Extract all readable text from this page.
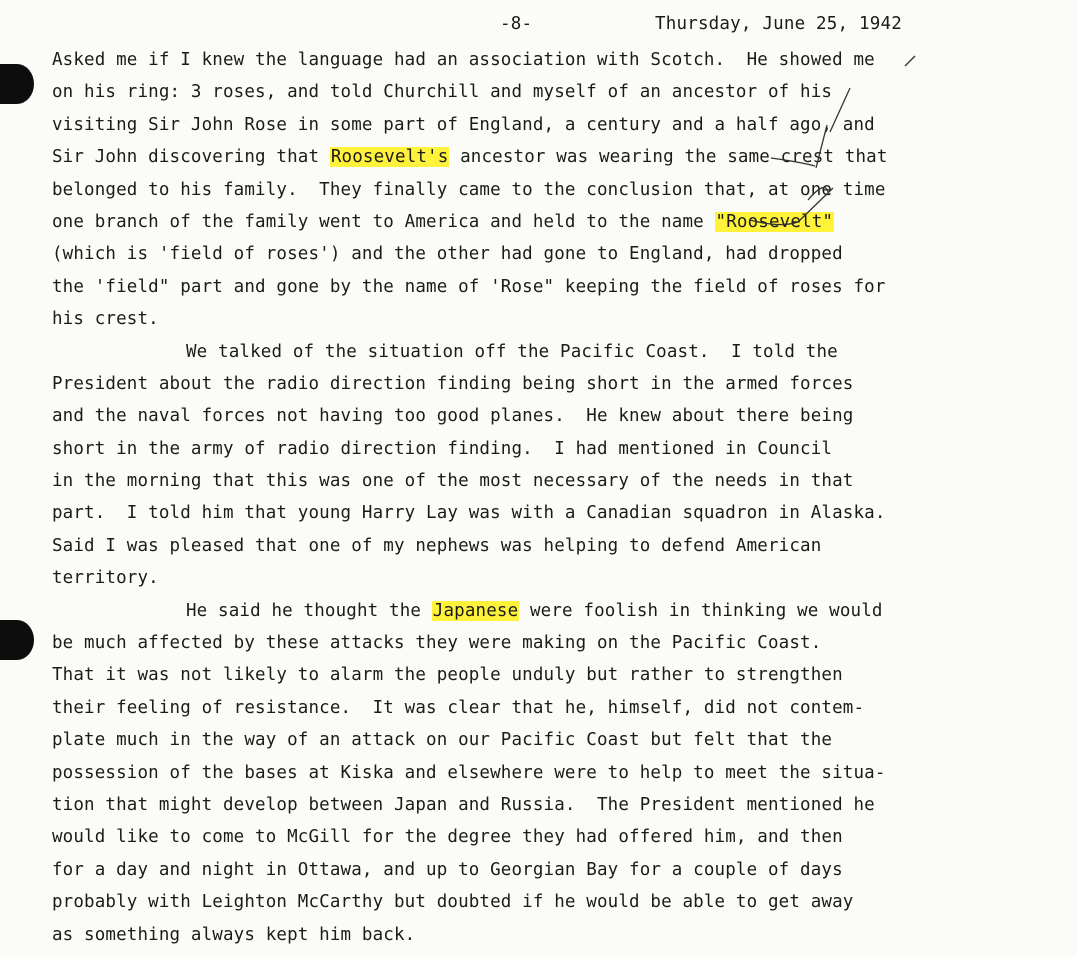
-8-	Thursday, June 25, 1942
Asked me if I knew the language had an association with Scotch.  He showed me
on his ring: 3 roses, and told Churchill and myself of an ancestor of his
visiting Sir John Rose in some part of England, a century and a half ago, and
Sir John discovering that Roosevelt's ancestor was wearing the same crest that
belonged to his family.  They finally came to the conclusion that, at one time
one branch of the family went to America and held to the name "Roosevelt"
(which is 'field of roses') and the other had gone to England, had dropped
the 'field" part and gone by the name of 'Rose" keeping the field of roses for
his crest.
We talked of the situation off the Pacific Coast.  I told the
President about the radio direction finding being short in the armed forces
and the naval forces not having too good planes.  He knew about there being
short in the army of radio direction finding.  I had mentioned in Council
in the morning that this was one of the most necessary of the needs in that
part.  I told him that young Harry Lay was with a Canadian squadron in Alaska.
Said I was pleased that one of my nephews was helping to defend American
territory.
He said he thought the Japanese were foolish in thinking we would
be much affected by these attacks they were making on the Pacific Coast.
That it was not likely to alarm the people unduly but rather to strengthen
their feeling of resistance.  It was clear that he, himself, did not contem-
plate much in the way of an attack on our Pacific Coast but felt that the
possession of the bases at Kiska and elsewhere were to help to meet the situa-
tion that might develop between Japan and Russia.  The President mentioned he
would like to come to McGill for the degree they had offered him, and then
for a day and night in Ottawa, and up to Georgian Bay for a couple of days
probably with Leighton McCarthy but doubted if he would be able to get away
as something always kept him back.
